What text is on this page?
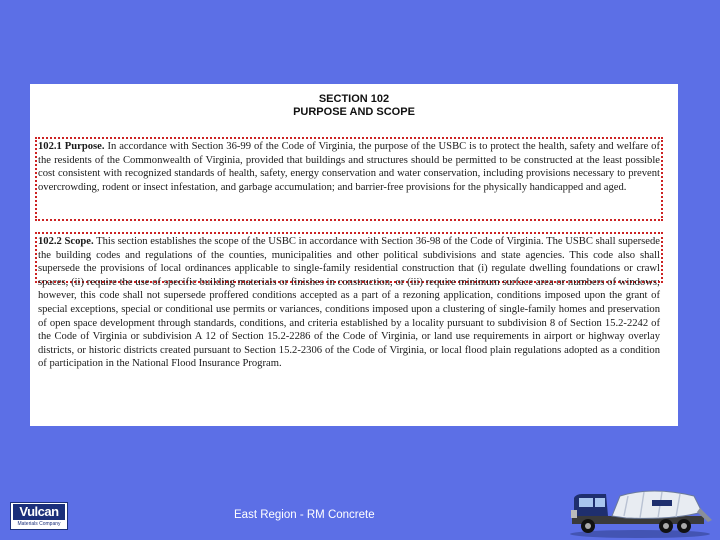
SECTION 102
PURPOSE AND SCOPE

102.1 Purpose. In accordance with Section 36-99 of the Code of Virginia, the purpose of the USBC is to protect the health, safety and welfare of the residents of the Commonwealth of Virginia, provided that buildings and structures should be permitted to be constructed at the least possible cost consistent with recognized standards of health, safety, energy conservation and water conservation, including provisions necessary to prevent overcrowding, rodent or insect infestation, and garbage accumulation; and barrier-free provisions for the physically handicapped and aged.

102.2 Scope. This section establishes the scope of the USBC in accordance with Section 36-98 of the Code of Virginia. The USBC shall supersede the building codes and regulations of the counties, municipalities and other political subdivisions and state agencies. This code also shall supersede the provisions of local ordinances applicable to single-family residential construction that (i) regulate dwelling foundations or crawl spaces, (ii) require the use of specific building materials or finishes in construction, or (iii) require minimum surface area or numbers of windows; however, this code shall not supersede proffered conditions accepted as a part of a rezoning application, conditions imposed upon the grant of special exceptions, special or conditional use permits or variances, conditions imposed upon a clustering of single-family homes and preservation of open space development through standards, conditions, and criteria established by a locality pursuant to subdivision 8 of Section 15.2-2242 of the Code of Virginia or subdivision A 12 of Section 15.2-2286 of the Code of Virginia, or land use requirements in airport or highway overlay districts, or historic districts created pursuant to Section 15.2-2306 of the Code of Virginia, or local flood plain regulations adopted as a condition of participation in the National Flood Insurance Program.

Vulcan
Materials Company
East Region - RM Concrete
